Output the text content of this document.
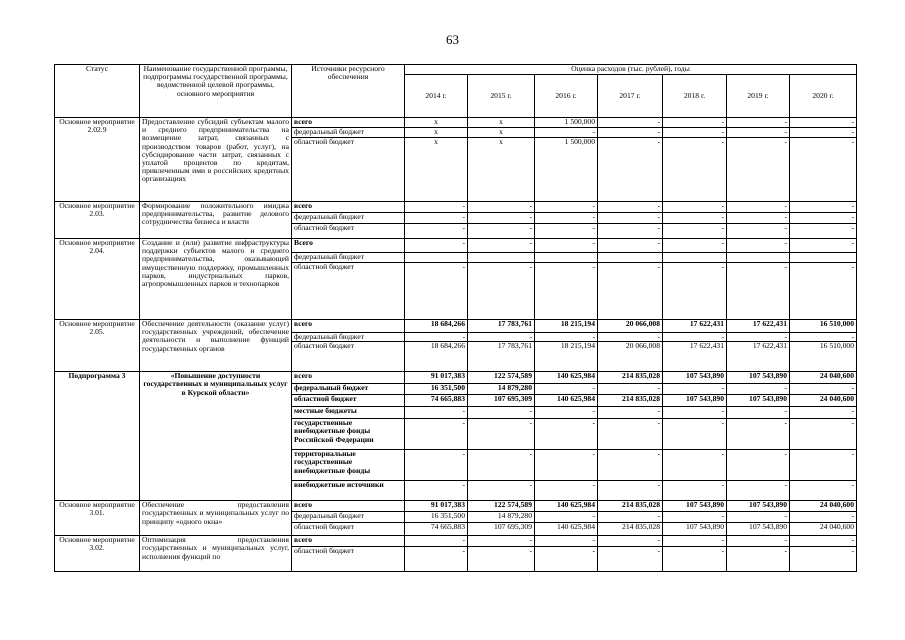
63
Статус	Наименование государственной программы, подпрограммы государственной программы, ведомственной целевой программы, основного мероприятия	Источники ресурсного обеспечения	Оценка расходов (тыс. рублей), годы						
			2014 г.	2015 г.	2016 г.	2017 г.	2018 г.	2019 г.	2020 г.
Основное мероприятие 2.02.9	Предоставление субсидий субъектам малого и среднего предпринимательства на возмещение затрат, связанных с производством товаров (работ, услуг), на субсидирование части затрат, связанных с уплатой процентов по кредитам, привлеченным ими в российских кредитных организациях	всего	x	x	1 500,000	-	-	-	-
		федеральный бюджет	x	x	-	-	-	-	-
		областной бюджет	x	x	1 500,000	-	-	-	-
Основное мероприятие 2.03.	Формирование положительного имиджа предпринимательства, развитие делового сотрудничества бизнеса и власти	всего	-	-	-	-	-	-	-
		федеральный бюджет	-	-	-	-	-	-	-
		областной бюджет	-	-	-	-	-	-	-
Основное мероприятие 2.04.	Создание и (или) развитие инфраструктуры поддержки субъектов малого и среднего предпринимательства, оказывающей имущественную поддержку, промышленных парков, индустриальных парков, агропромышленных парков и технопарков	Всего	-	-	-	-	-	-	-
		федеральный бюджет							
		областной бюджет	-	-	-	-	-	-	-
Основное мероприятие 2.05.	Обеспечение деятельности (оказание услуг) государственных учреждений, обеспечение деятельности и выполнение функций государственных органов	всего	18 684,266	17 783,761	18 215,194	20 066,008	17 622,431	17 622,431	16 510,000
		федеральный бюджет	-	-	-	-	-	-	-
		областной бюджет	18 684,266	17 783,761	18 215,194	20 066,008	17 622,431	17 622,431	16 510,000
Подпрограмма 3	«Повышение доступности государственных и муниципальных услуг в Курской области»	всего	91 017,383	122 574,589	140 625,984	214 835,028	107 543,890	107 543,890	24 040,600
		федеральный бюджет	16 351,500	14 879,280	-	-	-	-	-
		областной бюджет	74 665,883	107 695,309	140 625,984	214 835,028	107 543,890	107 543,890	24 040,600
		местные бюджеты	-	-	-	-	-	-	-
		государственные внебюджетные фонды Российской Федерации	-	-	-	-	-	-	-
		территориальные государственные внебюджетные фонды	-	-	-	-	-	-	-
		внебюджетные источники	-	-	-	-	-	-	-
Основное мероприятие 3.01.	Обеспечение предоставления государственных и муниципальных услуг по принципу «одного окна»	всего	91 017,383	122 574,589	140 625,984	214 835,028	107 543,890	107 543,890	24 040,600
		федеральный бюджет	16 351,500	14 879,280	-	-	-	-	-
		областной бюджет	74 665,883	107 695,309	140 625,984	214 835,028	107 543,890	107 543,890	24 040,600
Основное мероприятие 3.02.	Оптимизация предоставления государственных и муниципальных услуг, исполнения функций по	всего	-	-	-	-	-	-	-
		областной бюджет	-	-	-	-	-	-	-
